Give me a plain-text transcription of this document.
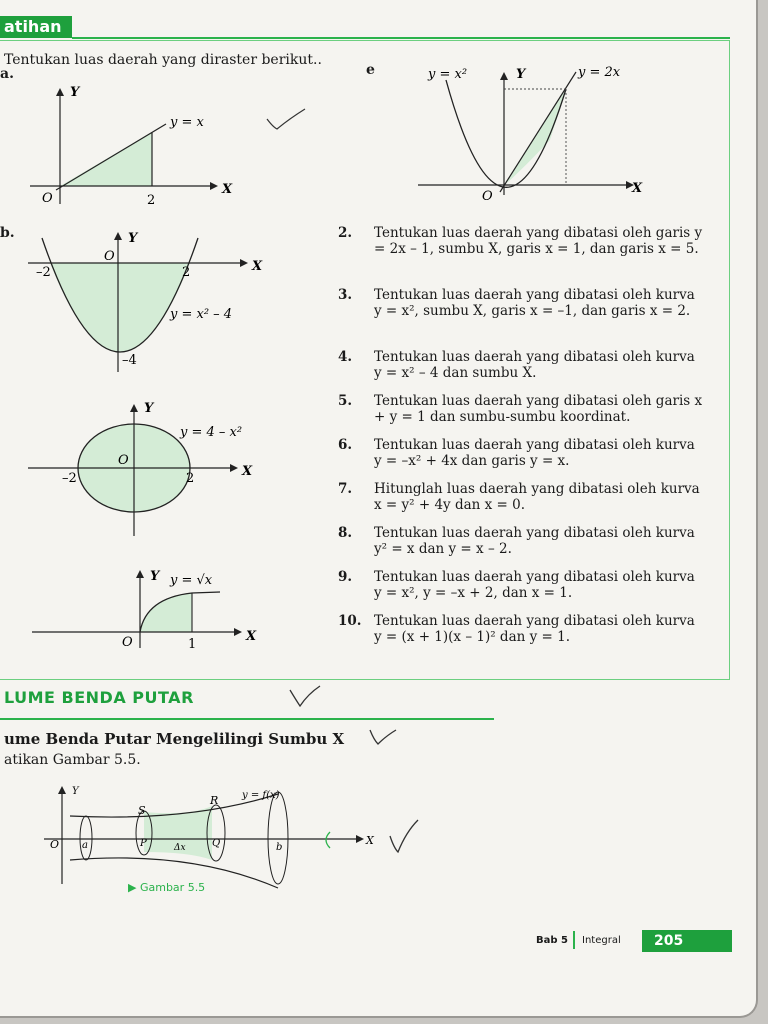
atihan
Tentukan luas daerah yang diraster berikut..
a.
b.
e
Y
X
O
y = x
2
y = x²	Y	y = 2x
O
X
Y
O
X
–2	2
y = x² – 4
–4
Y
y = 4 – x²
O
X
–2	2
Y y = √x
O	1
X
2.	Tentukan luas daerah yang dibatasi oleh garis y = 2x – 1, sumbu X, garis x = 1, dan garis x = 5.
3.	Tentukan luas daerah yang dibatasi oleh kurva y = x², sumbu X, garis x = –1, dan garis x = 2.
4.	Tentukan luas daerah yang dibatasi oleh kurva y = x² – 4 dan sumbu X.
5.	Tentukan luas daerah yang dibatasi oleh garis x + y = 1 dan sumbu-sumbu koordinat.
6.	Tentukan luas daerah yang dibatasi oleh kurva y = –x² + 4x dan garis y = x.
7.	Hitunglah luas daerah yang dibatasi oleh kurva x = y² + 4y dan x = 0.
8.	Tentukan luas daerah yang dibatasi oleh kurva y² = x dan y = x – 2.
9.	Tentukan luas daerah yang dibatasi oleh kurva y = x², y = –x + 2, dan x = 1.
10. Tentukan luas daerah yang dibatasi oleh kurva y = (x + 1)(x – 1)² dan y = 1.
LUME BENDA PUTAR
ume Benda Putar Mengelilingi Sumbu X
atikan Gambar 5.5.
Y	y = f(x)
S
R
O a	P	Δx	Q	b
X
▶ Gambar 5.5
Bab 5 Integral	205
